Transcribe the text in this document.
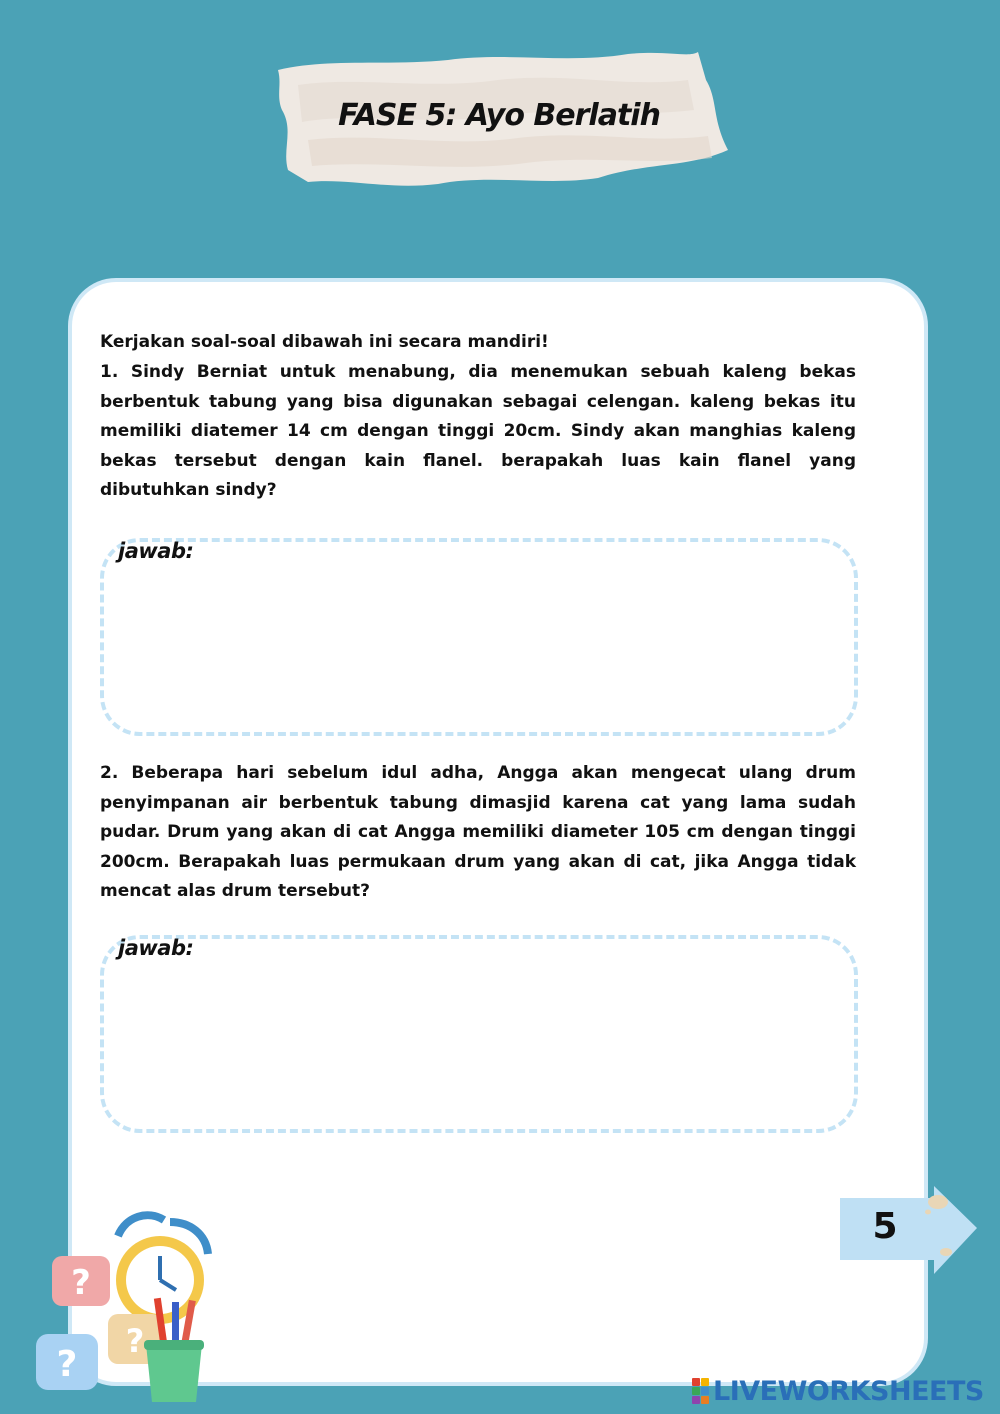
FASE 5: Ayo Berlatih

Kerjakan soal-soal dibawah ini secara mandiri!

1. Sindy Berniat untuk menabung, dia menemukan sebuah kaleng bekas berbentuk tabung yang bisa digunakan sebagai celengan. kaleng bekas itu memiliki diatemer 14 cm dengan tinggi 20cm. Sindy akan manghias kaleng bekas tersebut dengan kain flanel. berapakah luas kain flanel yang dibutuhkan sindy?

jawab:

2. Beberapa hari sebelum idul adha, Angga akan mengecat ulang drum penyimpanan air berbentuk tabung dimasjid karena cat yang lama sudah pudar. Drum yang akan di cat Angga memiliki diameter 105 cm dengan tinggi 200cm. Berapakah luas permukaan drum yang akan di cat, jika Angga tidak mencat alas drum tersebut?

jawab:
5
?
?
?
LIVEWORKSHEETS
